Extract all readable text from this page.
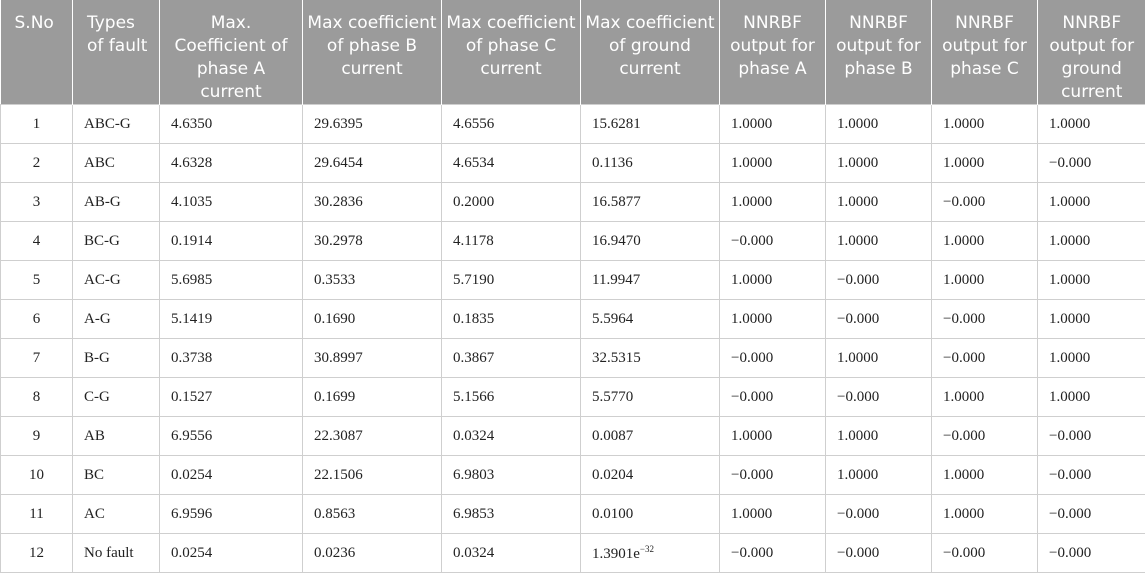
S.No	Types of fault	Max. Coefficient of phase A current	Max coefficient of phase B current	Max coefficient of phase C current	Max coefficient of ground current	NNRBF output for phase A	NNRBF output for phase B	NNRBF output for phase C	NNRBF output for ground current
1	ABC-G	4.6350	29.6395	4.6556	15.6281	1.0000	1.0000	1.0000	1.0000
2	ABC	4.6328	29.6454	4.6534	0.1136	1.0000	1.0000	1.0000	−0.000
3	AB-G	4.1035	30.2836	0.2000	16.5877	1.0000	1.0000	−0.000	1.0000
4	BC-G	0.1914	30.2978	4.1178	16.9470	−0.000	1.0000	1.0000	1.0000
5	AC-G	5.6985	0.3533	5.7190	11.9947	1.0000	−0.000	1.0000	1.0000
6	A-G	5.1419	0.1690	0.1835	5.5964	1.0000	−0.000	−0.000	1.0000
7	B-G	0.3738	30.8997	0.3867	32.5315	−0.000	1.0000	−0.000	1.0000
8	C-G	0.1527	0.1699	5.1566	5.5770	−0.000	−0.000	1.0000	1.0000
9	AB	6.9556	22.3087	0.0324	0.0087	1.0000	1.0000	−0.000	−0.000
10	BC	0.0254	22.1506	6.9803	0.0204	−0.000	1.0000	1.0000	−0.000
11	AC	6.9596	0.8563	6.9853	0.0100	1.0000	−0.000	1.0000	−0.000
12	No fault	0.0254	0.0236	0.0324	$1.3901e^{-32}$	−0.000	−0.000	−0.000	−0.000
